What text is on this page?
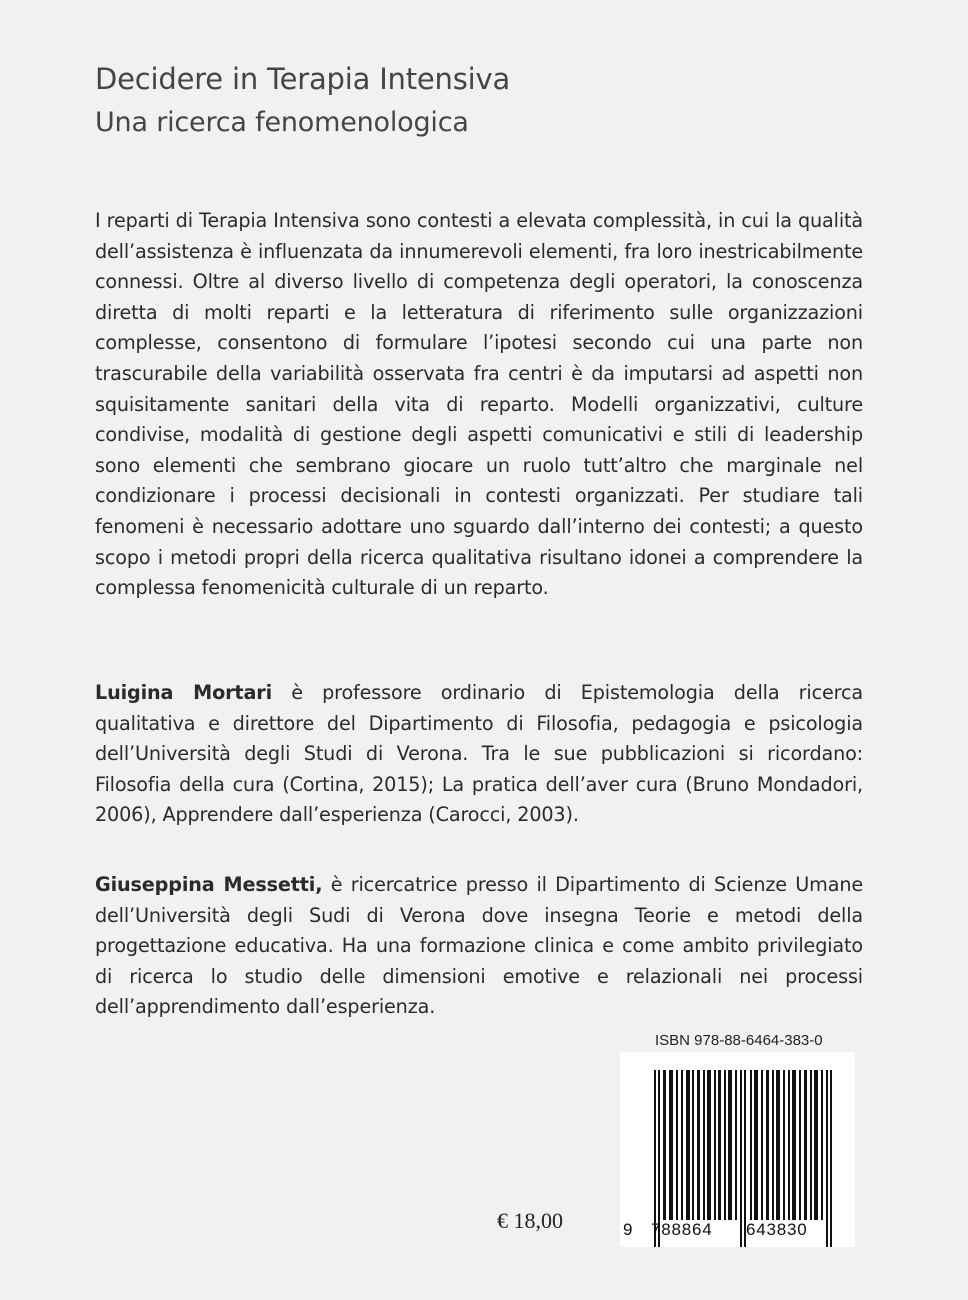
Decidere in Terapia Intensiva
Una ricerca fenomenologica
I reparti di Terapia Intensiva sono contesti a elevata complessità, in cui la qualità dell’assistenza è influenzata da innumerevoli elementi, fra loro inestricabilmente connessi. Oltre al diverso livello di competenza degli operatori, la conoscenza diretta di molti reparti e la letteratura di riferimento sulle organizzazioni complesse, consentono di formulare l’ipotesi secondo cui una parte non trascurabile della variabilità osservata fra centri è da imputarsi ad aspetti non squisitamente sanitari della vita di reparto. Modelli organizzativi, culture condivise, modalità di gestione degli aspetti comunicativi e stili di leadership sono elementi che sembrano giocare un ruolo tutt’altro che marginale nel condizionare i processi decisionali in contesti organizzati. Per studiare tali fenomeni è necessario adottare uno sguardo dall’interno dei contesti; a questo scopo i metodi propri della ricerca qualitativa risultano idonei a comprendere la complessa fenomenicità culturale di un reparto.
Luigina Mortari è professore ordinario di Epistemologia della ricerca qualitativa e direttore del Dipartimento di Filosofia, pedagogia e psicologia dell’Università degli Studi di Verona. Tra le sue pubblicazioni si ricordano: Filosofia della cura (Cortina, 2015); La pratica dell’aver cura (Bruno Mondadori, 2006), Apprendere dall’esperienza (Carocci, 2003).
Giuseppina Messetti, è ricercatrice presso il Dipartimento di Scienze Umane dell’Università degli Sudi di Verona dove insegna Teorie e metodi della progettazione educativa. Ha una formazione clinica e come ambito privilegiato di ricerca lo studio delle dimensioni emotive e relazionali nei processi dell’apprendimento dall’esperienza.
ISBN 978-88-6464-383-0
9 788864 643830
€ 18,00
